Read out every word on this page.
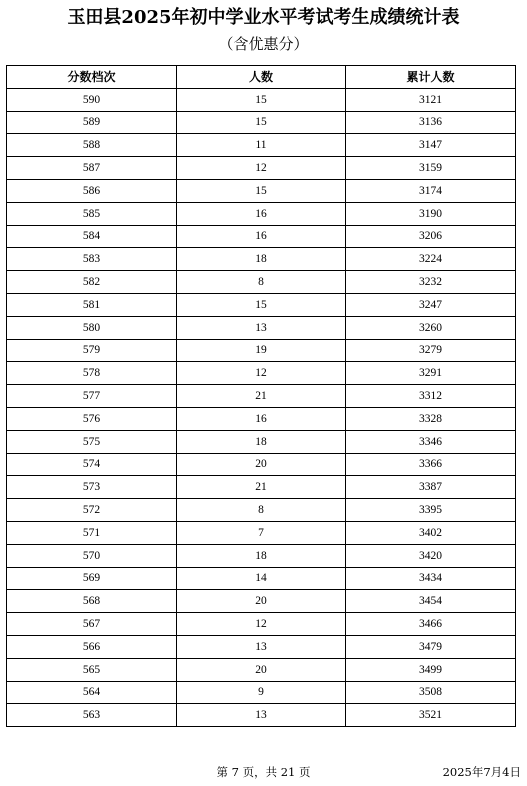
玉田县2025年初中学业水平考试考生成绩统计表
（含优惠分）
分数档次	人数	累计人数
590	15	3121
589	15	3136
588	11	3147
587	12	3159
586	15	3174
585	16	3190
584	16	3206
583	18	3224
582	8	3232
581	15	3247
580	13	3260
579	19	3279
578	12	3291
577	21	3312
576	16	3328
575	18	3346
574	20	3366
573	21	3387
572	8	3395
571	7	3402
570	18	3420
569	14	3434
568	20	3454
567	12	3466
566	13	3479
565	20	3499
564	9	3508
563	13	3521
第 7 页，共 21 页	2025年7月4日
